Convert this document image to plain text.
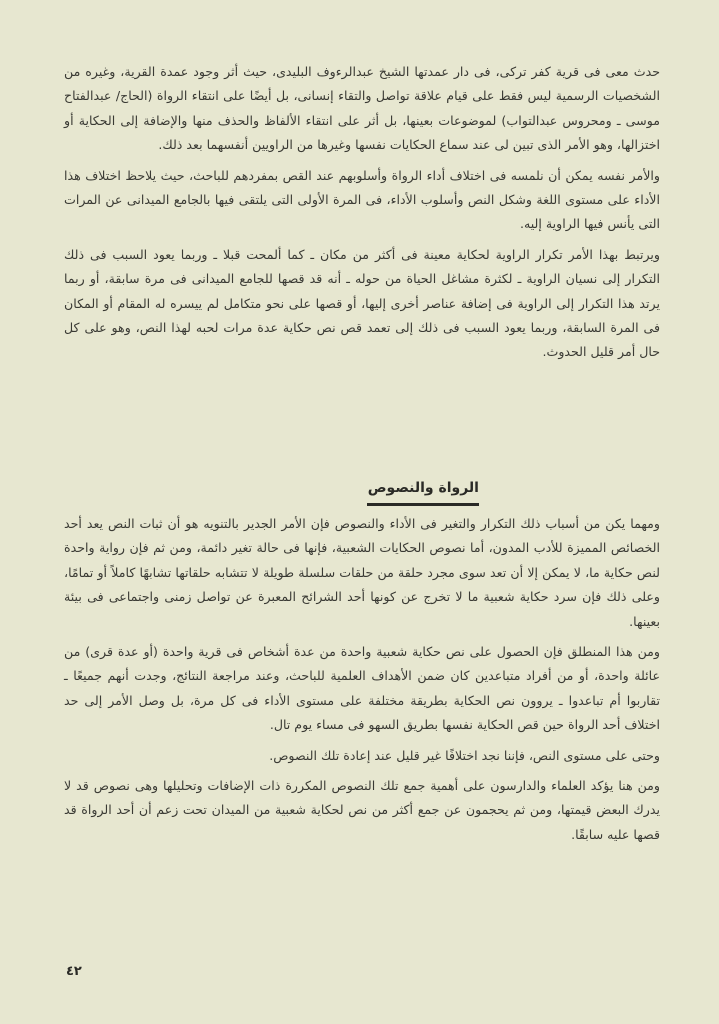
حدث معى فى قرية كفر تركى، فى دار عمدتها الشيخ عبدالرءوف البليدى، حيث أثر وجود عمدة القرية، وغيره من الشخصيات الرسمية ليس فقط على قيام علاقة تواصل والتقاء إنسانى، بل أيضًا على انتقاء الرواة (الحاج/ عبدالفتاح موسى ـ ومحروس عبدالتواب) لموضوعات بعينها، بل أثر على انتقاء الألفاظ والحذف منها والإضافة إلى الحكاية أو اختزالها، وهو الأمر الذى تبين لى عند سماع الحكايات نفسها وغيرها من الراويين أنفسهما بعد ذلك.

والأمر نفسه يمكن أن نلمسه فى اختلاف أداء الرواة وأسلوبهم عند القص بمفردهم للباحث، حيث يلاحظ اختلاف هذا الأداء على مستوى اللغة وشكل النص وأسلوب الأداء، فى المرة الأولى التى يلتقى فيها بالجامع الميدانى عن المرات التى يأنس فيها الراوية إليه.

ويرتبط بهذا الأمر تكرار الراوية لحكاية معينة فى أكثر من مكان ـ كما ألمحت قبلا ـ وربما يعود السبب فى ذلك التكرار إلى نسيان الراوية ـ لكثرة مشاغل الحياة من حوله ـ أنه قد قصها للجامع الميدانى فى مرة سابقة، أو ربما يرتد هذا التكرار إلى الراوية فى إضافة عناصر أخرى إليها، أو قصها على نحو متكامل لم ييسره له المقام أو المكان فى المرة السابقة، وربما يعود السبب فى ذلك إلى تعمد قص نص حكاية عدة مرات لحبه لهذا النص، وهو على كل حال أمر قليل الحدوث.

الرواة والنصوص

ومهما يكن من أسباب ذلك التكرار والتغير فى الأداء والنصوص فإن الأمر الجدير بالتنويه هو أن ثبات النص يعد أحد الخصائص المميزة للأدب المدون، أما نصوص الحكايات الشعبية، فإنها فى حالة تغير دائمة، ومن ثم فإن رواية واحدة لنص حكاية ما، لا يمكن إلا أن تعد سوى مجرد حلقة من حلقات سلسلة طويلة لا تتشابه حلقاتها تشابهًا كاملاً أو تمامًا، وعلى ذلك فإن سرد حكاية شعبية ما لا تخرج عن كونها أحد الشرائح المعبرة عن تواصل زمنى واجتماعى فى بيئة بعينها.

ومن هذا المنطلق فإن الحصول على نص حكاية شعبية واحدة من عدة أشخاص فى قرية واحدة (أو عدة قرى) من عائلة واحدة، أو من أفراد متباعدين كان ضمن الأهداف العلمية للباحث، وعند مراجعة النتائج، وجدت أنهم جميعًا ـ تقاربوا أم تباعدوا ـ يروون نص الحكاية بطريقة مختلفة على مستوى الأداء فى كل مرة، بل وصل الأمر إلى حد اختلاف أحد الرواة حين قص الحكاية نفسها بطريق السهو فى مساء يوم تال.

وحتى على مستوى النص، فإننا نجد اختلافًا غير قليل عند إعادة تلك النصوص.

ومن هنا يؤكد العلماء والدارسون على أهمية جمع تلك النصوص المكررة ذات الإضافات وتحليلها وهى نصوص قد لا يدرك البعض قيمتها، ومن ثم يحجمون عن جمع أكثر من نص لحكاية شعبية من الميدان تحت زعم أن أحد الرواة قد قصها عليه سابقًا.

٤٢
